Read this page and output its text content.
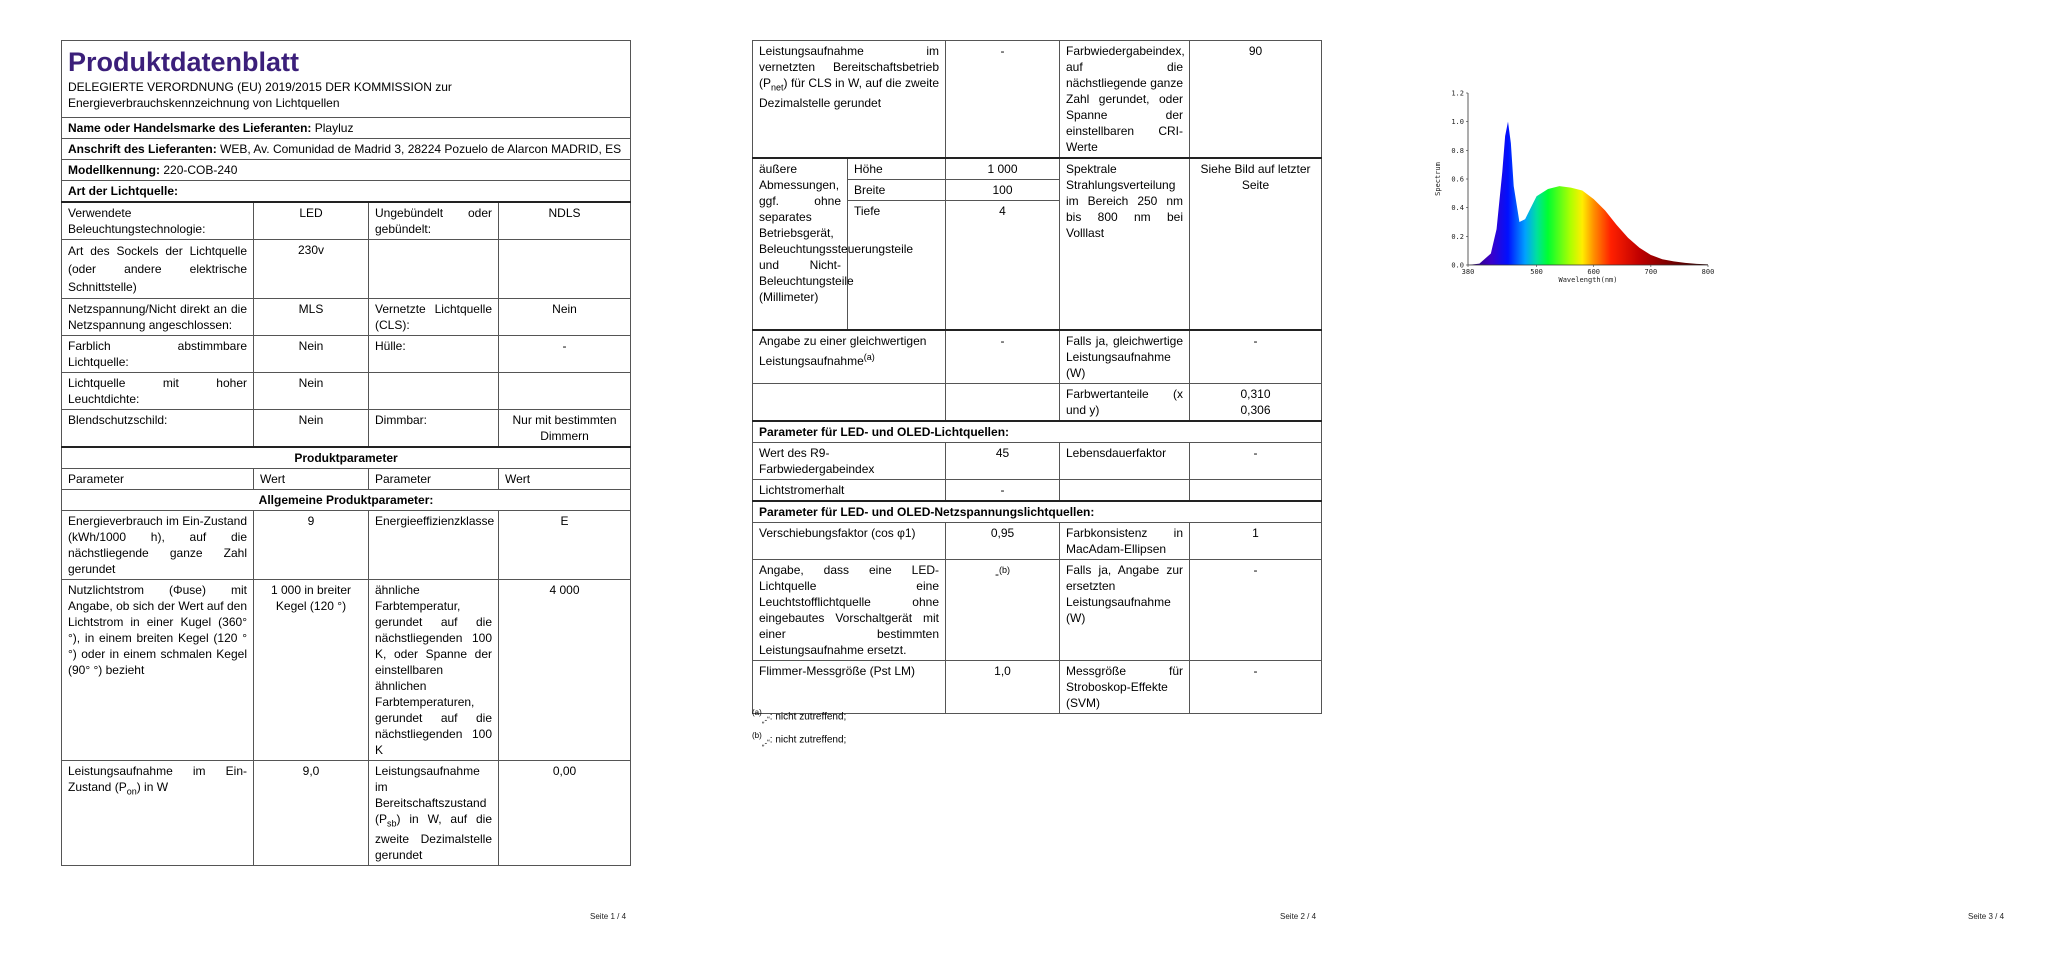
Produktdatenblatt
DELEGIERTE VERORDNUNG (EU) 2019/2015 DER KOMMISSION zur Energieverbrauchskennzeichnung von Lichtquellen			

Name oder Handelsmarke des Lieferanten: Playluz			
Anschrift des Lieferanten: WEB, Av. Comunidad de Madrid 3, 28224 Pozuelo de Alarcon MADRID, ES			
Modellkennung: 220-COB-240			
Art der Lichtquelle:			
Verwendete Beleuchtungstechnologie:	LED	Ungebündelt oder gebündelt:	NDLS
Art des Sockels der Lichtquelle (oder andere elektrische Schnittstelle)	230v		
Netzspannung/Nicht direkt an die Netzspannung angeschlossen:	MLS	Vernetzte Lichtquelle (CLS):	Nein
Farblich abstimmbare Lichtquelle:	Nein	Hülle:	-
Lichtquelle mit hoher Leuchtdichte:	Nein		
Blendschutzschild:	Nein	Dimmbar:	Nur mit bestimmten Dimmern
Produktparameter			
Parameter	Wert	Parameter	Wert
Allgemeine Produktparameter:			
Energieverbrauch im Ein-Zustand (kWh/1000 h), auf die nächstliegende ganze Zahl gerundet	9	Energieeffizienzklasse	E
Nutzlichtstrom (Φuse) mit Angabe, ob sich der Wert auf den Lichtstrom in einer Kugel (360° °), in einem breiten Kegel (120 °°) oder in einem schmalen Kegel (90° °) bezieht	1 000 in breiter Kegel (120 °)	ähnliche Farbtemperatur, gerundet auf die nächstliegenden 100 K, oder Spanne der einstellbaren ähnlichen Farbtemperaturen, gerundet auf die nächstliegenden 100 K	4 000
Leistungsaufnahme im Ein-Zustand $(P_{on})$ in W	9,0	Leistungsaufnahme im Bereitschaftszustand $(P_{sb})$ in W, auf die zweite Dezimalstelle gerundet	0,00
Seite 1 / 4
Leistungsaufnahme im vernetzten Bereitschaftsbetrieb $(P_{net})$ für CLS in W, auf die zweite Dezimalstelle gerundet		-	Farbwiedergabeindex, auf die nächstliegende ganze Zahl gerundet, oder Spanne der einstellbaren CRI-Werte	90
äußere Abmessungen, ggf. ohne separates Betriebsgerät, Beleuchtungssteuerungsteile und Nicht-Beleuchtungsteile (Millimeter)	Höhe	1 000	Spektrale Strahlungsverteilung im Bereich 250 nm bis 800 nm bei Volllast	Siehe Bild auf letzter Seite
	Breite	100		
	Tiefe	4		
Angabe zu einer gleichwertigen Leistungsaufnahme$^{(a)}$		-	Falls ja, gleichwertige Leistungsaufnahme (W)	-
			Farbwertanteile (x und y)	0,310
0,306

Parameter für LED- und OLED-Lichtquellen:				
Wert des R9-Farbwiedergabeindex		45	Lebensdauerfaktor	-
Lichtstromerhalt		-		
Parameter für LED- und OLED-Netzspannungslichtquellen:				
Verschiebungsfaktor (cos φ1)		0,95	Farbkonsistenz in MacAdam-Ellipsen	1
Angabe, dass eine LED-Lichtquelle eine Leuchtstofflichtquelle ohne eingebautes Vorschaltgerät mit einer bestimmten Leistungsaufnahme ersetzt.		-$^{(b)}$	Falls ja, Angabe zur ersetzten Leistungsaufnahme (W)	-
Flimmer-Messgröße (Pst LM)		1,0	Messgröße für Stroboskop-Effekte (SVM)	-
$^{(a)}_{„-“}$: nicht zutreffend;
$^{(b)}_{„-“}$: nicht zutreffend;
Seite 2 / 4
380	500	600	700	800
0.0
0.2
0.4
0.6
0.8
1.0
1.2
Wavelength(nm)
Spectrum
Seite 3 / 4
